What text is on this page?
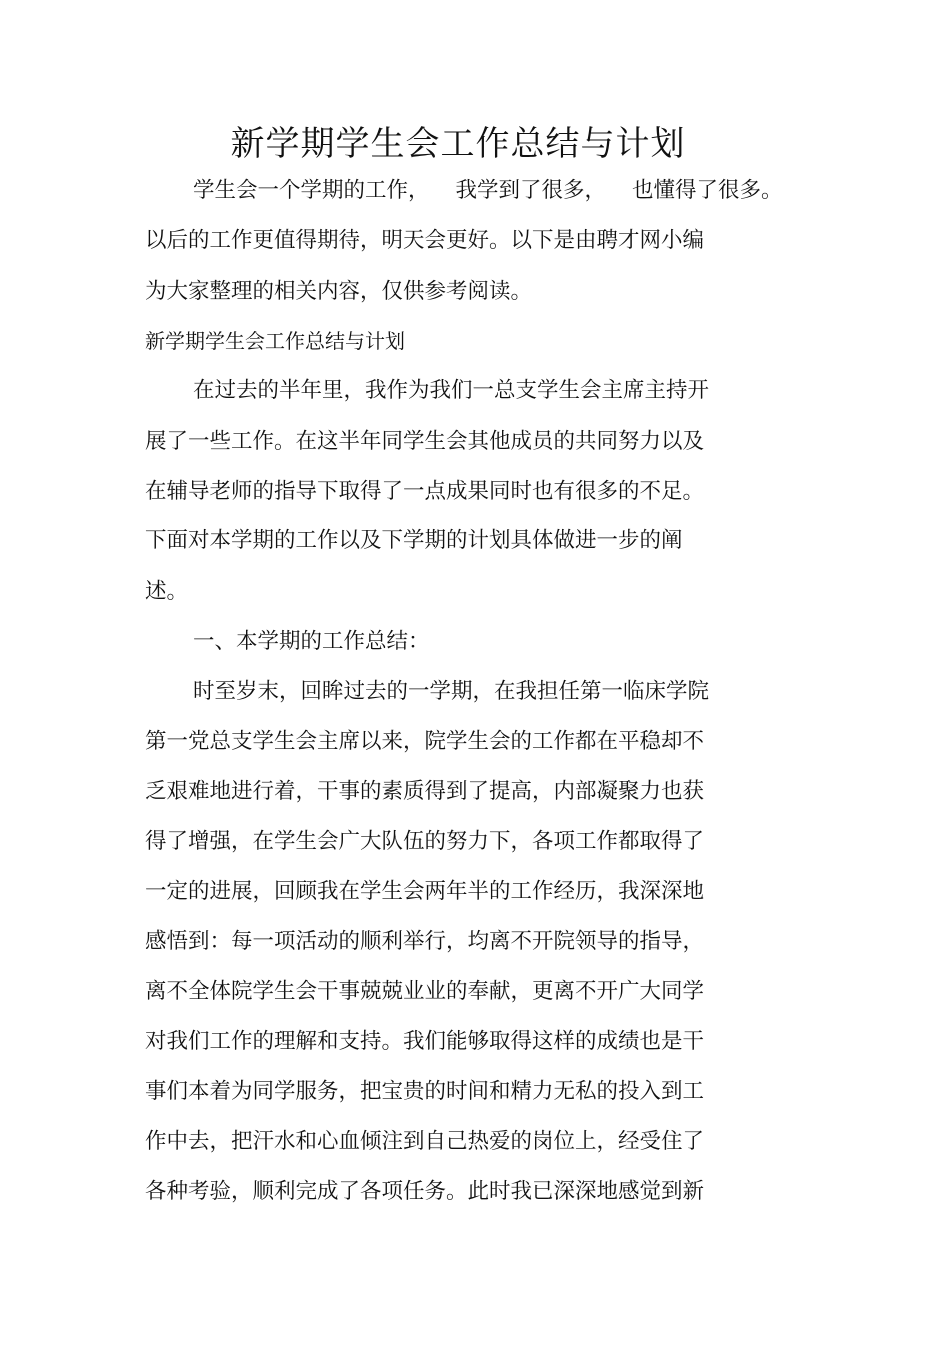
新学期学生会工作总结与计划
学生会一个学期的工作， 我学到了很多， 也懂得了很多。
以后的工作更值得期待，明天会更好。以下是由聘才网小编
为大家整理的相关内容，仅供参考阅读。
新学期学生会工作总结与计划
在过去的半年里，我作为我们一总支学生会主席主持开
展了一些工作。在这半年同学生会其他成员的共同努力以及
在辅导老师的指导下取得了一点成果同时也有很多的不足。
下面对本学期的工作以及下学期的计划具体做进一步的阐
述。
一、本学期的工作总结：
时至岁末，回眸过去的一学期，在我担任第一临床学院
第一党总支学生会主席以来，院学生会的工作都在平稳却不
乏艰难地进行着，干事的素质得到了提高，内部凝聚力也获
得了增强，在学生会广大队伍的努力下，各项工作都取得了
一定的进展，回顾我在学生会两年半的工作经历，我深深地
感悟到：每一项活动的顺利举行，均离不开院领导的指导，
离不全体院学生会干事兢兢业业的奉献，更离不开广大同学
对我们工作的理解和支持。我们能够取得这样的成绩也是干
事们本着为同学服务，把宝贵的时间和精力无私的投入到工
作中去，把汗水和心血倾注到自己热爱的岗位上，经受住了
各种考验，顺利完成了各项任务。此时我已深深地感觉到新
